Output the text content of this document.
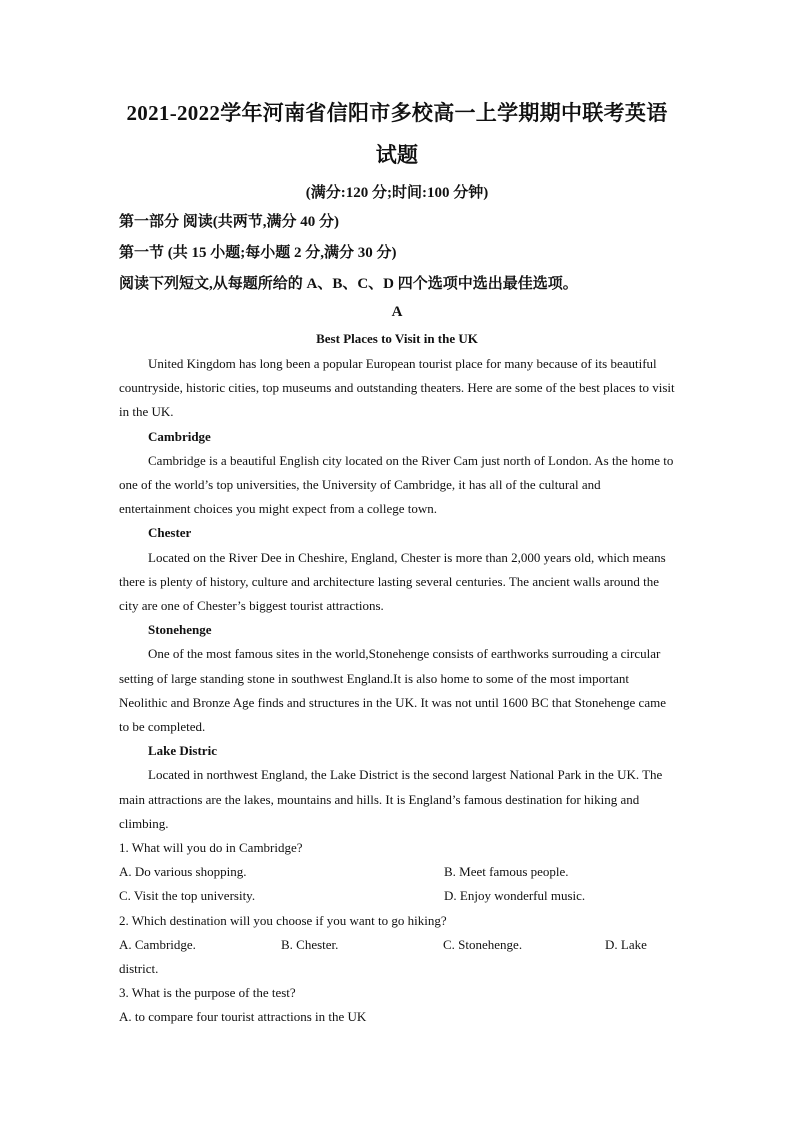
2021-2022学年河南省信阳市多校高一上学期期中联考英语
试题
(满分:120 分;时间:100 分钟)
第一部分 阅读(共两节,满分 40 分)
第一节 (共 15 小题;每小题 2 分,满分 30 分)
阅读下列短文,从每题所给的 A、B、C、D 四个选项中选出最佳选项。
A
Best Places to Visit in the UK

United Kingdom has long been a popular European tourist place for many because of its beautiful countryside, historic cities, top museums and outstanding theaters. Here are some of the best places to visit in the UK.

Cambridge

Cambridge is a beautiful English city located on the River Cam just north of London. As the home to one of the world’s top universities, the University of Cambridge, it has all of the cultural and entertainment choices you might expect from a college town.

Chester

Located on the River Dee in Cheshire, England, Chester is more than 2,000 years old, which means there is plenty of history, culture and architecture lasting several centuries. The ancient walls around the city are one of Chester’s biggest tourist attractions.

Stonehenge

One of the most famous sites in the world,Stonehenge consists of earthworks surrouding a circular setting of large standing stone in southwest England.It is also home to some of the most important Neolithic and Bronze Age finds and structures in the UK. It was not until 1600 BC that Stonehenge came to be completed.

Lake Distric

Located in northwest England, the Lake District is the second largest National Park in the UK. The main attractions are the lakes, mountains and hills. It is England’s famous destination for hiking and climbing.

1. What will you do in Cambridge?

A. Do various shopping.	B. Meet famous people.
C. Visit the top university.	D. Enjoy wonderful music.

2. Which destination will you choose if you want to go hiking?

A. Cambridge.	B. Chester.	C. Stonehenge.	D. Lake

district.

3. What is the purpose of the test?

A. to compare four tourist attractions in the UK
